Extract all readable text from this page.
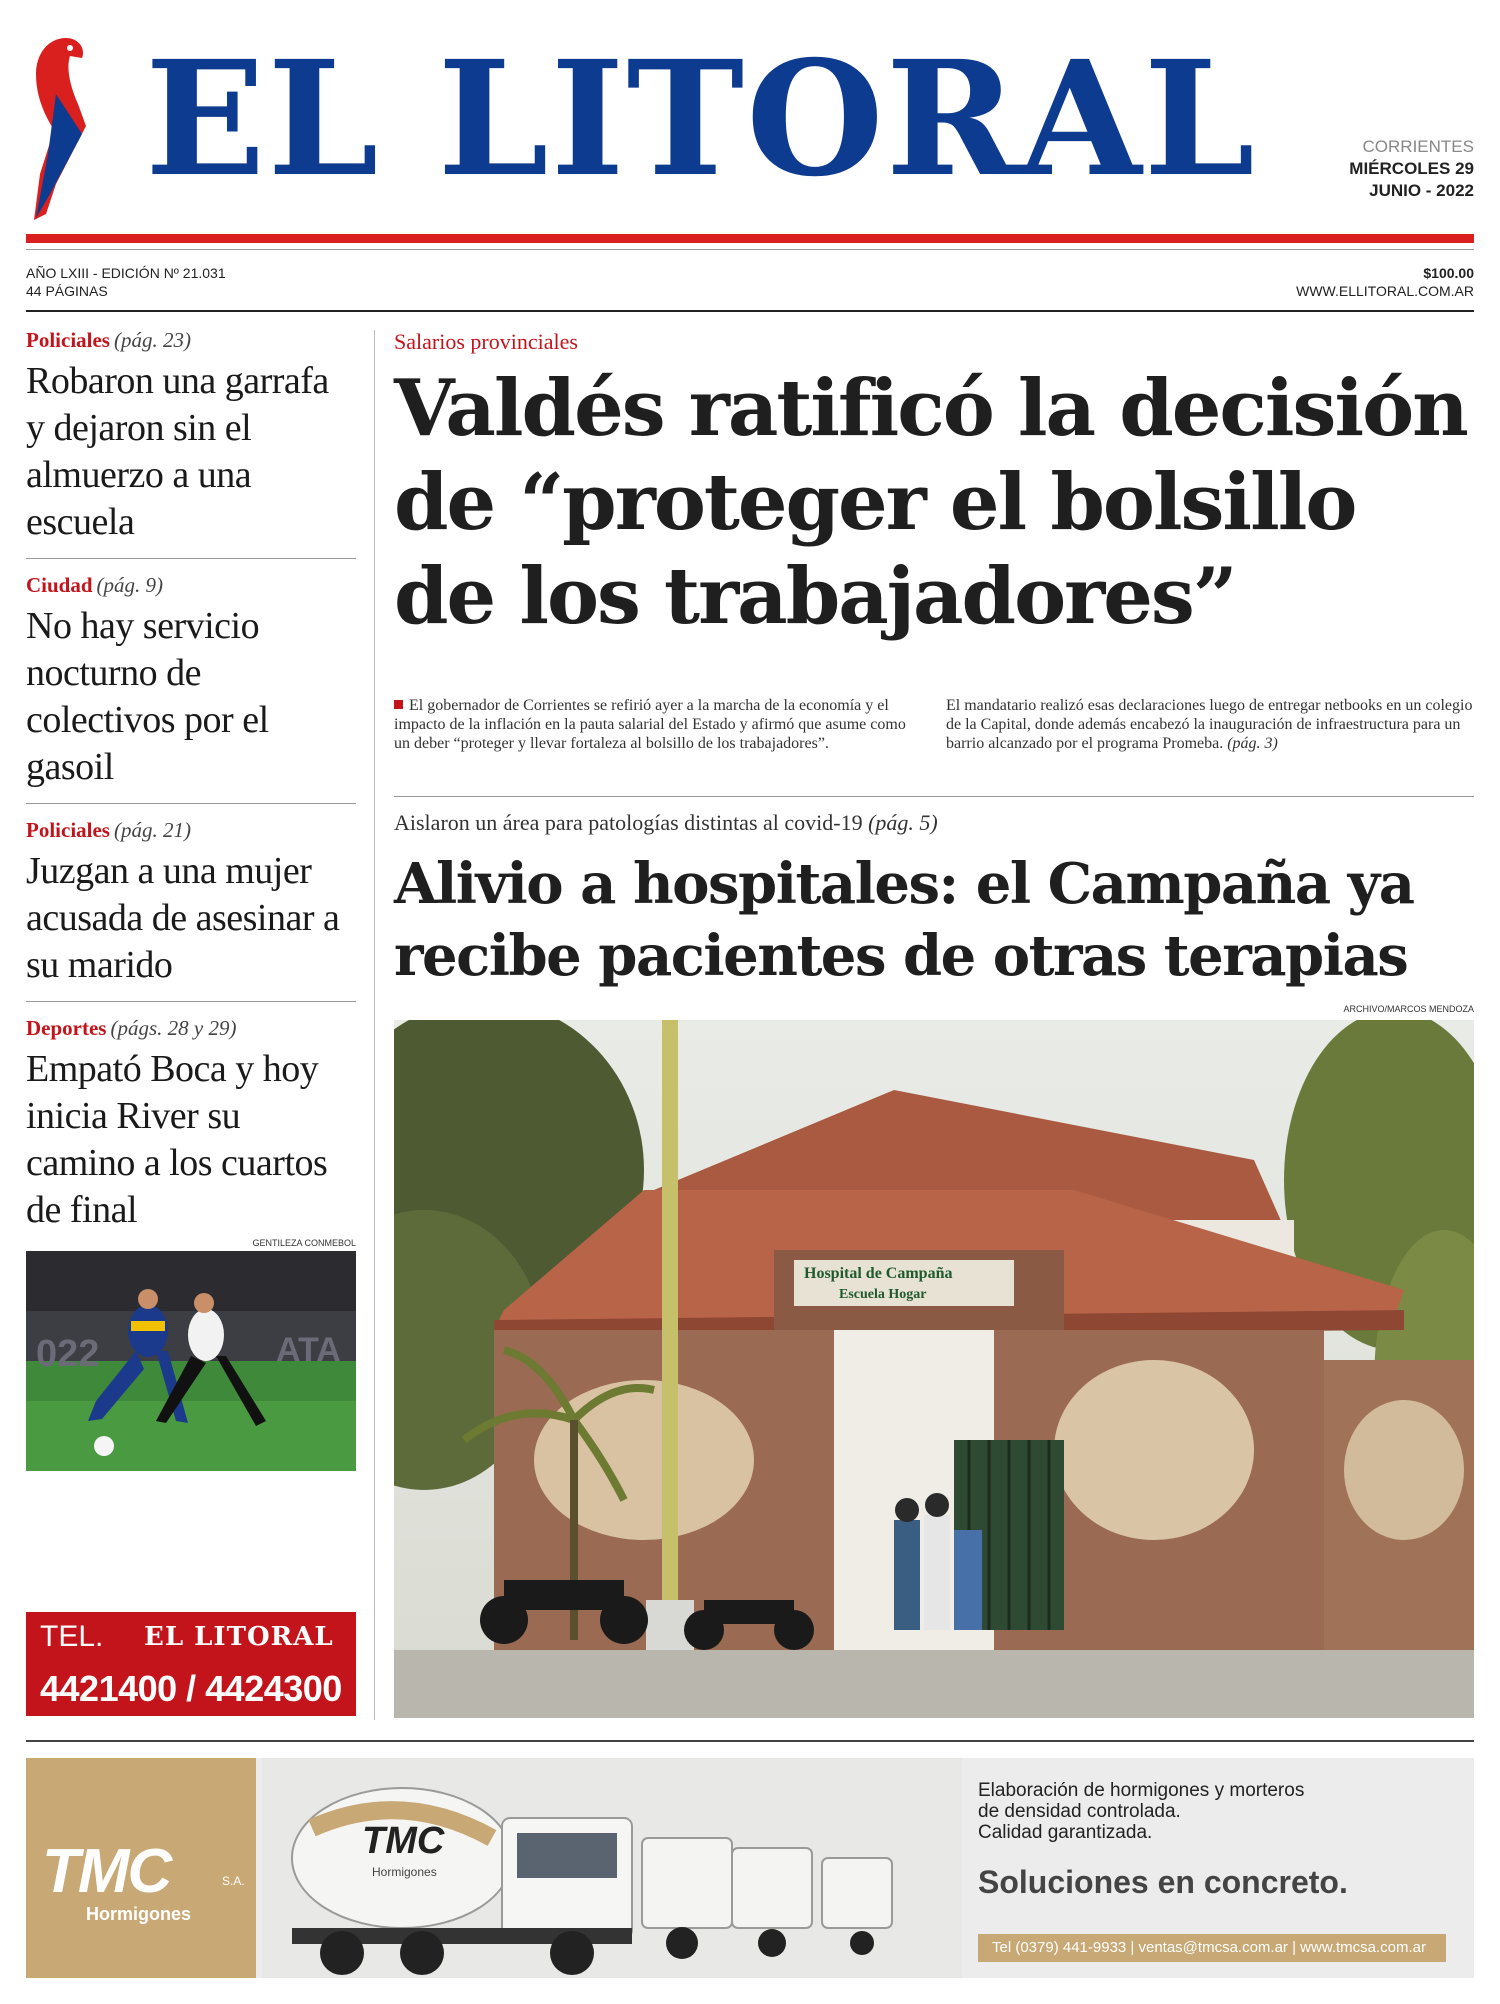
EL LITORAL	CORRIENTES
MIÉRCOLES 29
JUNIO - 2022
AÑO LXIII - EDICIÓN Nº 21.031
44 PÁGINAS
$100.00
WWW.ELLITORAL.COM.AR

Policiales (pág. 23)

Robaron una garrafa y dejaron sin el almuerzo a una escuela

Ciudad (pág. 9)

No hay servicio nocturno de colectivos por el gasoil

Policiales (pág. 21)

Juzgan a una mujer acusada de asesinar a su marido

Deportes (págs. 28 y 29)

Empató Boca y hoy inicia River su camino a los cuartos de final

GENTILEZA CONMEBOL
022	ATA
TEL. EL LITORAL
4421400 / 4424300
Salarios provinciales
Valdés ratificó la decisión de “proteger el bolsillo de los trabajadores”
El gobernador de Corrientes se refirió ayer a la marcha de la economía y el impacto de la inflación en la pauta salarial del Estado y afirmó que asume como un deber “proteger y llevar fortaleza al bolsillo de los trabajadores”.
El mandatario realizó esas declaraciones luego de entregar netbooks en un colegio de la Capital, donde además encabezó la inauguración de infraestructura para un barrio alcanzado por el programa Promeba. (pág. 3)
Aislaron un área para patologías distintas al covid-19 (pág. 5)
Alivio a hospitales: el Campaña ya recibe pacientes de otras terapias
ARCHIVO/MARCOS MENDOZA
Hospital de Campaña
Escuela Hogar
TMC	S.A.
Hormigones
TMC
Hormigones
Elaboración de hormigones y morteros
de densidad controlada.
Calidad garantizada.
Soluciones en concreto.
Tel (0379) 441-9933 | ventas@tmcsa.com.ar | www.tmcsa.com.ar
